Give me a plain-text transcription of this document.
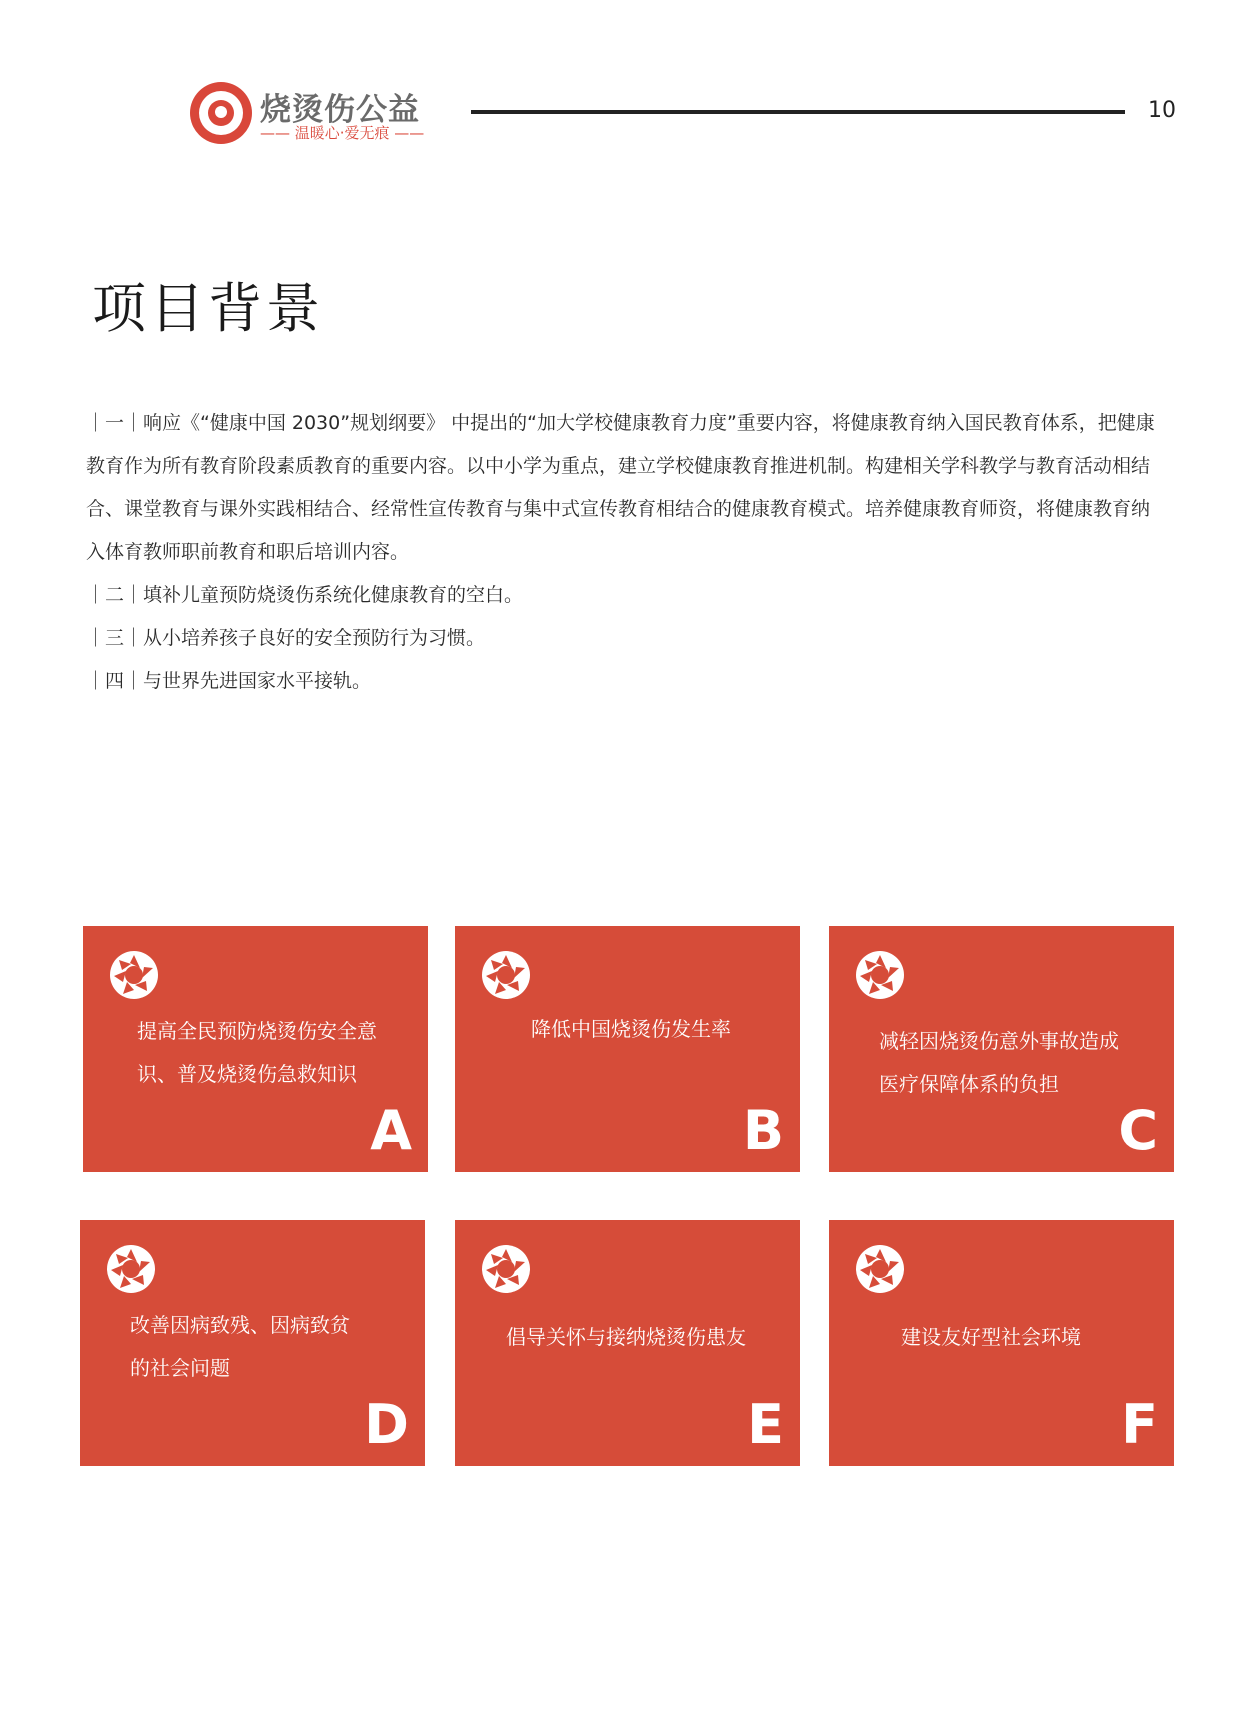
烧烫伤公益
—— 温暖心·爱无痕 ——
10
项目背景

｜一｜响应《“健康中国 2030”规划纲要》 中提出的“加大学校健康教育力度”重要内容，将健康教育纳入国民教育体系，把健康教育作为所有教育阶段素质教育的重要内容。以中小学为重点，建立学校健康教育推进机制。构建相关学科教学与教育活动相结合、课堂教育与课外实践相结合、经常性宣传教育与集中式宣传教育相结合的健康教育模式。培养健康教育师资，将健康教育纳入体育教师职前教育和职后培训内容。

｜二｜填补儿童预防烧烫伤系统化健康教育的空白。

｜三｜从小培养孩子良好的安全预防行为习惯。

｜四｜与世界先进国家水平接轨。

提高全民预防烧烫伤安全意
识、普及烧烫伤急救知识
A
降低中国烧烫伤发生率
B
减轻因烧烫伤意外事故造成
医疗保障体系的负担
C
改善因病致残、因病致贫
的社会问题
D
倡导关怀与接纳烧烫伤患友
E
建设友好型社会环境
F
